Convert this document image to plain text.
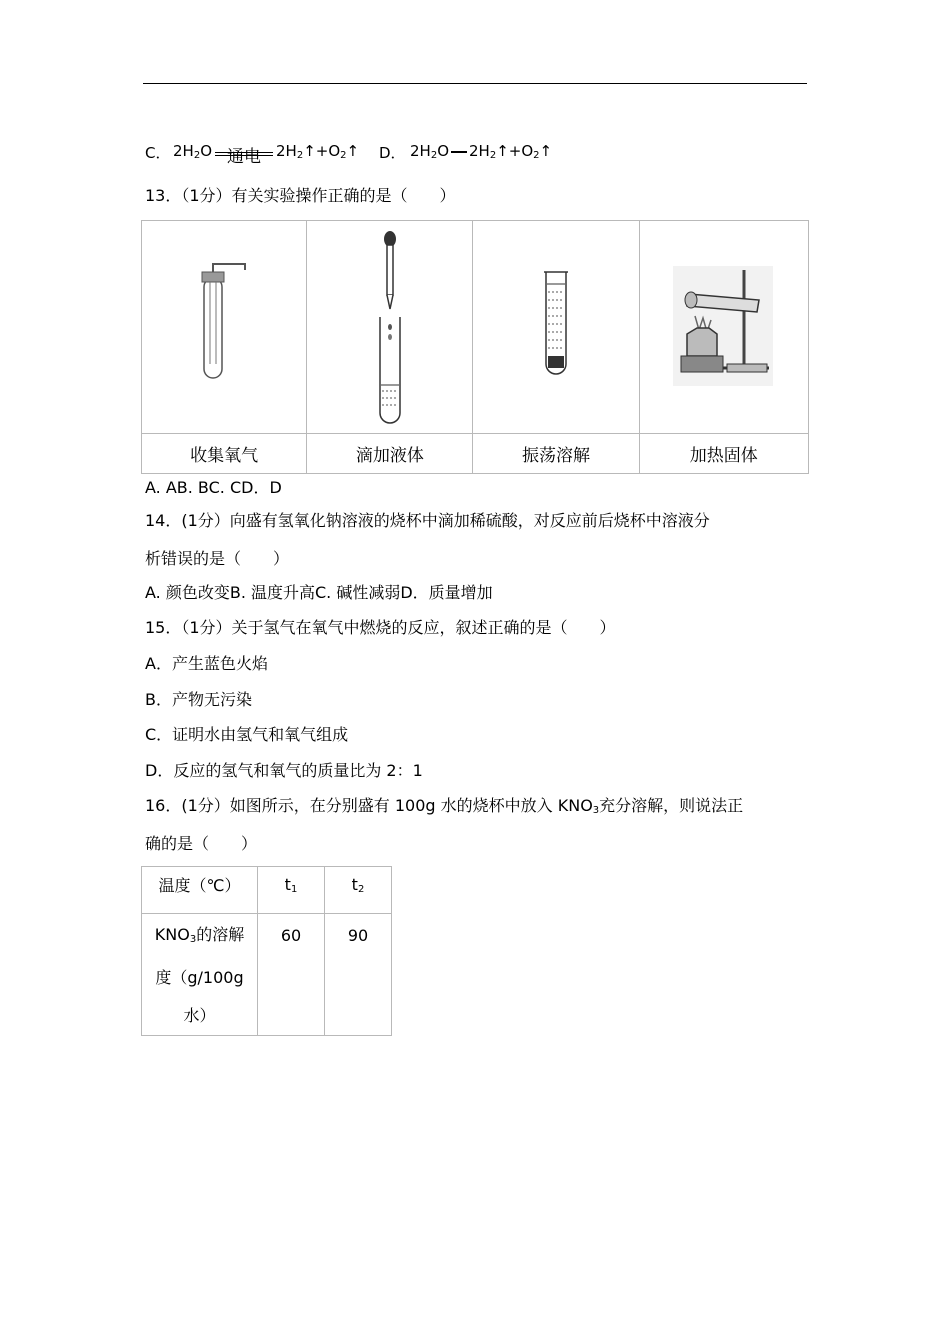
C． $2H_2O$ 通电 $2H_2↑+O_2↑$ D． $2H_2O$ $2H_2↑+O_2↑$
13．（1分）有关实验操作正确的是（　　）

收集氧气	滴加液体	振荡溶解	加热固体
A. AB. BC. CD．D
14．(1分）向盛有氢氧化钠溶液的烧杯中滴加稀硫酸，对反应前后烧杯中溶液分
析错误的是（　　）
A. 颜色改变B. 温度升高C. 碱性减弱D．质量增加
15．（1分）关于氢气在氧气中燃烧的反应，叙述正确的是（　　）
A．产生蓝色火焰
B．产物无污染
C．证明水由氢气和氧气组成
D．反应的氢气和氧气的质量比为 2：1
16．(1分）如图所示，在分别盛有 100g 水的烧杯中放入 $KNO_3$充分溶解，则说法正
确的是（　　）
温度（℃）	$t_1$	$t_2$

$KNO_3$的溶解
度（g/100g
水）	60	90
